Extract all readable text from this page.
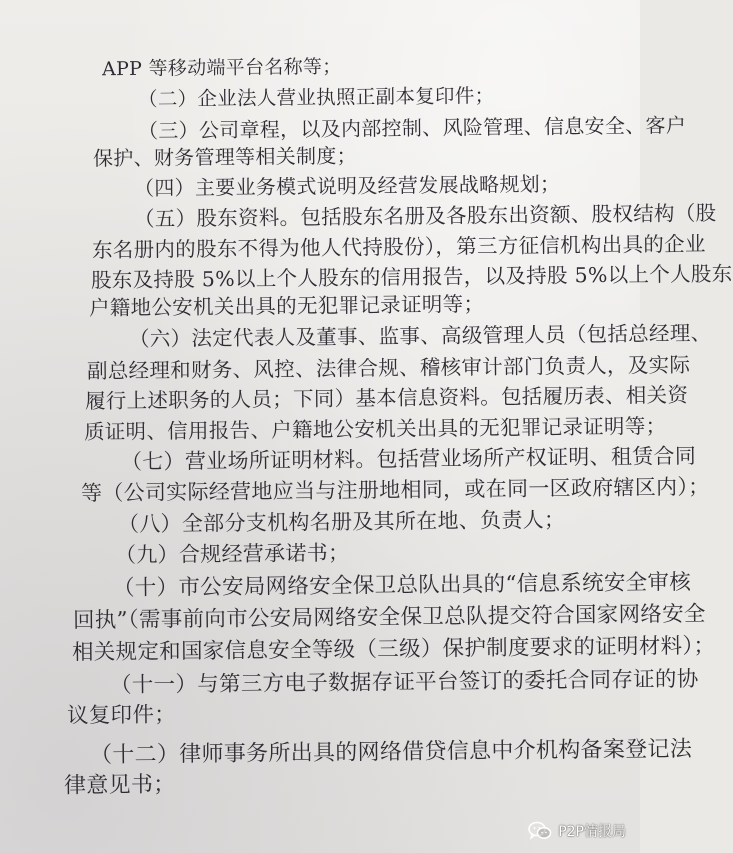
APP 等移动端平台名称等；
（二）企业法人营业执照正副本复印件；
（三）公司章程，以及内部控制、风险管理、信息安全、客户
保护、财务管理等相关制度；
（四）主要业务模式说明及经营发展战略规划；
（五）股东资料。包括股东名册及各股东出资额、股权结构（股
东名册内的股东不得为他人代持股份），第三方征信机构出具的企业
股东及持股 5%以上个人股东的信用报告，以及持股 5%以上个人股东
户籍地公安机关出具的无犯罪记录证明等；
（六）法定代表人及董事、监事、高级管理人员（包括总经理、
副总经理和财务、风控、法律合规、稽核审计部门负责人，及实际
履行上述职务的人员；下同）基本信息资料。包括履历表、相关资
质证明、信用报告、户籍地公安机关出具的无犯罪记录证明等；
（七）营业场所证明材料。包括营业场所产权证明、租赁合同
等（公司实际经营地应当与注册地相同，或在同一区政府辖区内）；
（八）全部分支机构名册及其所在地、负责人；
（九）合规经营承诺书；
（十）市公安局网络安全保卫总队出具的“信息系统安全审核
回执”（需事前向市公安局网络安全保卫总队提交符合国家网络安全
相关规定和国家信息安全等级（三级）保护制度要求的证明材料）；
（十一）与第三方电子数据存证平台签订的委托合同存证的协
议复印件；
（十二）律师事务所出具的网络借贷信息中介机构备案登记法
律意见书；
P2P情报局
